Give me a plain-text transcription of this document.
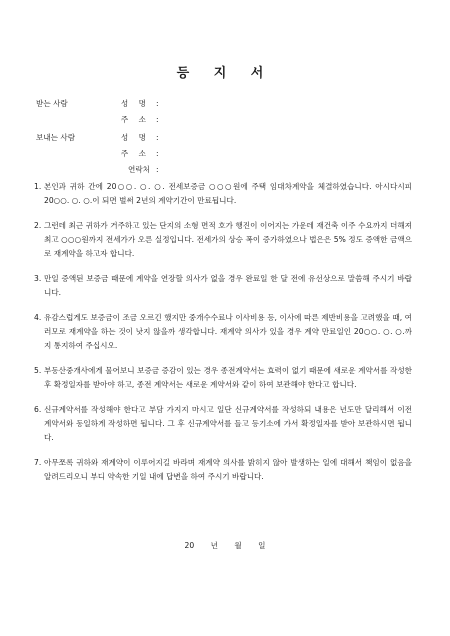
등 지 서
받는 사람	성 명 :
주 소 :
보내는 사람	성 명 :
주 소 :
연락처 :
1. 본인과 귀하 간에 20○○. ○. ○. 전세보증금 ○○○원에 주택 임대차계약을 체결하였습니다. 아시다시피 20○○. ○. ○.이 되면 벌써 2년의 계약기간이 만료됩니다.
2. 그런데 최근 귀하가 거주하고 있는 단지의 소형 면적 호가 행진이 이어지는 가운데 재건축 이주 수요까지 더해져 최고 ○○○원까지 전세가가 오른 실정입니다. 전세가의 상승 폭이 증가하였으나 법은은 5% 정도 증액한 금액으로 재계약을 하고자 합니다.
3. 만일 증액된 보증금 때문에 계약을 연장할 의사가 없을 경우 완료일 한 달 전에 유선상으로 말씀해 주시기 바랍니다.
4. 유감스럽게도 보증금이 조금 오르긴 했지만 중개수수료나 이사비용 등, 이사에 따른 제반비용을 고려했을 때, 여러모로 재계약을 하는 것이 낫지 않을까 생각합니다. 재계약 의사가 있을 경우 계약 만료일인 20○○. ○. ○.까지 통지하여 주십시오.
5. 부동산중개사에게 물어보니 보증금 증감이 있는 경우 종전계약서는 효력이 없기 때문에 새로운 계약서를 작성한 후 확정일자를 받아야 하고, 종전 계약서는 새로운 계약서와 같이 하여 보관해야 한다고 합니다.
6. 신규계약서를 작성해야 한다고 부담 가지지 마시고 일단 신규계약서를 작성하되 내용은 년도만 달리해서 이전 계약서와 동일하게 작성하면 됩니다. 그 후 신규계약서를 들고 등기소에 가서 확정일자를 받아 보관하시면 됩니다.
7. 아무쪼록 귀하와 재계약이 이루어지길 바라며 재계약 의사를 밝히지 않아 발생하는 일에 대해서 책임이 없음을 알려드리오니 부디 약속한 기일 내에 답변을 하여 주시기 바랍니다.
20 년 월 일
